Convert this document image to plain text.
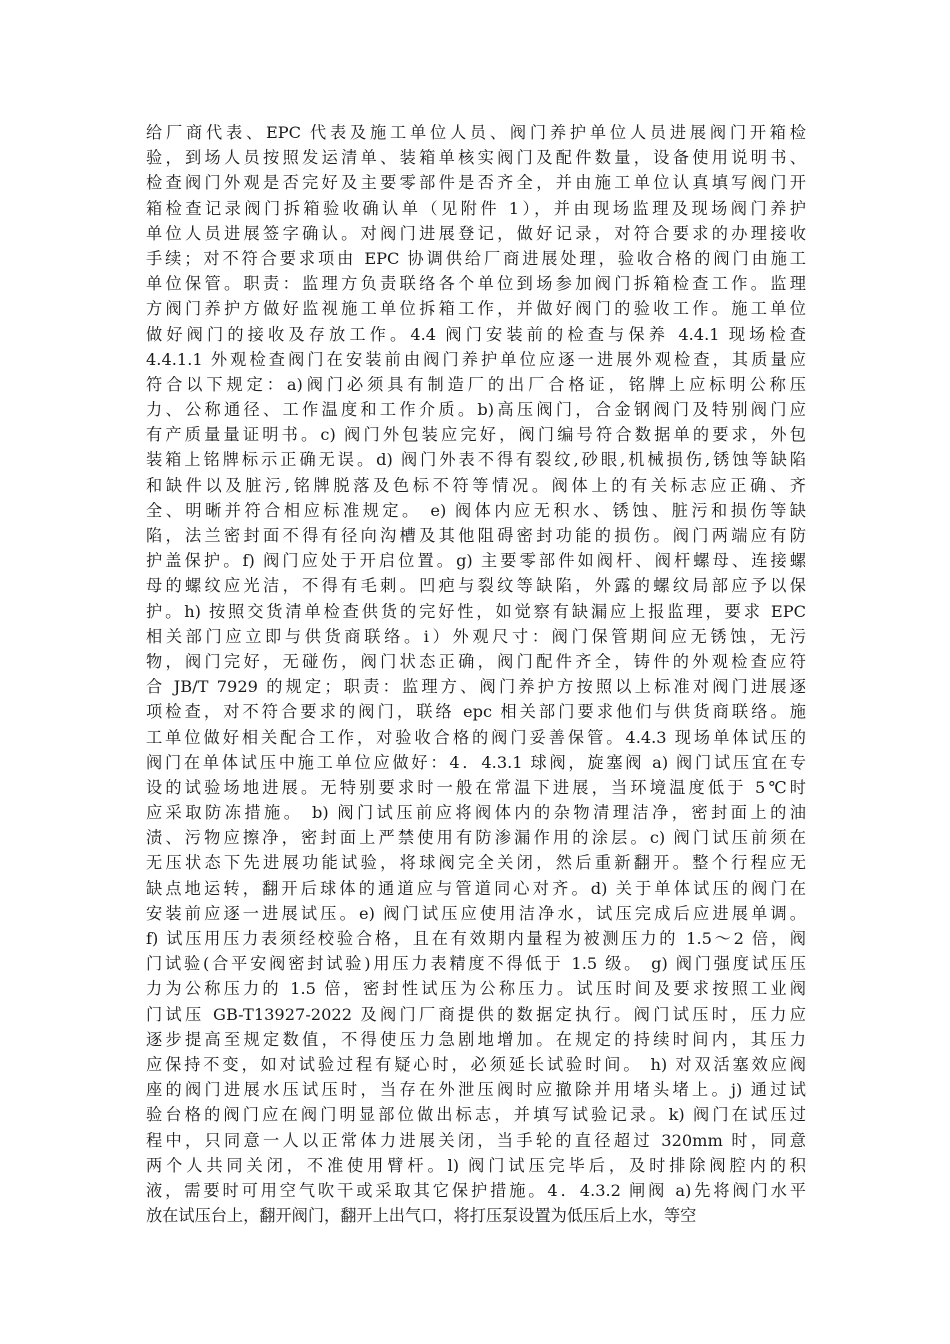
给厂商代表、EPC 代表及施工单位人员、阀门养护单位人员进展阀门开箱检
验，到场人员按照发运清单、装箱单核实阀门及配件数量，设备使用说明书、
检查阀门外观是否完好及主要零部件是否齐全，并由施工单位认真填写阀门开
箱检查记录阀门拆箱验收确认单（见附件 1），并由现场监理及现场阀门养护
单位人员进展签字确认。对阀门进展登记，做好记录，对符合要求的办理接收
手续；对不符合要求项由 EPC 协调供给厂商进展处理，验收合格的阀门由施工
单位保管。职责：监理方负责联络各个单位到场参加阀门拆箱检查工作。监理
方阀门养护方做好监视施工单位拆箱工作，并做好阀门的验收工作。施工单位
做好阀门的接收及存放工作。4.4 阀门安装前的检查与保养 4.4.1 现场检查
4.4.1.1 外观检查阀门在安装前由阀门养护单位应逐一进展外观检查，其质量应
符合以下规定：a)阀门必须具有制造厂的出厂合格证，铭牌上应标明公称压
力、公称通径、工作温度和工作介质。b)高压阀门，合金钢阀门及特别阀门应
有产质量量证明书。c) 阀门外包装应完好，阀门编号符合数据单的要求，外包
装箱上铭牌标示正确无误。d) 阀门外表不得有裂纹,砂眼,机械损伤,锈蚀等缺陷
和缺件以及脏污,铭牌脱落及色标不符等情况。阀体上的有关标志应正确、齐
全、明晰并符合相应标准规定。 e) 阀体内应无积水、锈蚀、脏污和损伤等缺
陷，法兰密封面不得有径向沟槽及其他阻碍密封功能的损伤。阀门两端应有防
护盖保护。f) 阀门应处于开启位置。g) 主要零部件如阀杆、阀杆螺母、连接螺
母的螺纹应光洁，不得有毛刺。凹疤与裂纹等缺陷，外露的螺纹局部应予以保
护。h) 按照交货清单检查供货的完好性，如觉察有缺漏应上报监理，要求 EPC
相关部门应立即与供货商联络。i）外观尺寸：阀门保管期间应无锈蚀，无污
物，阀门完好，无碰伤，阀门状态正确，阀门配件齐全，铸件的外观检查应符
合 JB/T 7929 的规定；职责：监理方、阀门养护方按照以上标准对阀门进展逐
项检查，对不符合要求的阀门，联络 epc 相关部门要求他们与供货商联络。施
工单位做好相关配合工作，对验收合格的阀门妥善保管。4.4.3 现场单体试压的
阀门在单体试压中施工单位应做好：4．4.3.1 球阀，旋塞阀 a) 阀门试压宜在专
设的试验场地进展。无特别要求时一般在常温下进展，当环境温度低于 5℃时
应采取防冻措施。 b) 阀门试压前应将阀体内的杂物清理洁净，密封面上的油
渍、污物应擦净，密封面上严禁使用有防渗漏作用的涂层。c) 阀门试压前须在
无压状态下先进展功能试验，将球阀完全关闭，然后重新翻开。整个行程应无
缺点地运转，翻开后球体的通道应与管道同心对齐。d) 关于单体试压的阀门在
安装前应逐一进展试压。e) 阀门试压应使用洁净水，试压完成后应进展单调。
f) 试压用压力表须经校验合格，且在有效期内量程为被测压力的 1.5～2 倍，阀
门试验(合平安阀密封试验)用压力表精度不得低于 1.5 级。 g) 阀门强度试压压
力为公称压力的 1.5 倍，密封性试压为公称压力。试压时间及要求按照工业阀
门试压 GB-T13927-2022 及阀门厂商提供的数据定执行。阀门试压时，压力应
逐步提高至规定数值，不得使压力急剧地增加。在规定的持续时间内，其压力
应保持不变，如对试验过程有疑心时，必须延长试验时间。 h) 对双活塞效应阀
座的阀门进展水压试压时，当存在外泄压阀时应撤除并用堵头堵上。j) 通过试
验台格的阀门应在阀门明显部位做出标志，并填写试验记录。k) 阀门在试压过
程中，只同意一人以正常体力进展关闭，当手轮的直径超过 320mm 时，同意
两个人共同关闭，不准使用臂杆。l) 阀门试压完毕后，及时排除阀腔内的积
液，需要时可用空气吹干或采取其它保护措施。4．4.3.2 闸阀 a)先将阀门水平
放在试压台上，翻开阀门，翻开上出气口，将打压泵设置为低压后上水，等空
